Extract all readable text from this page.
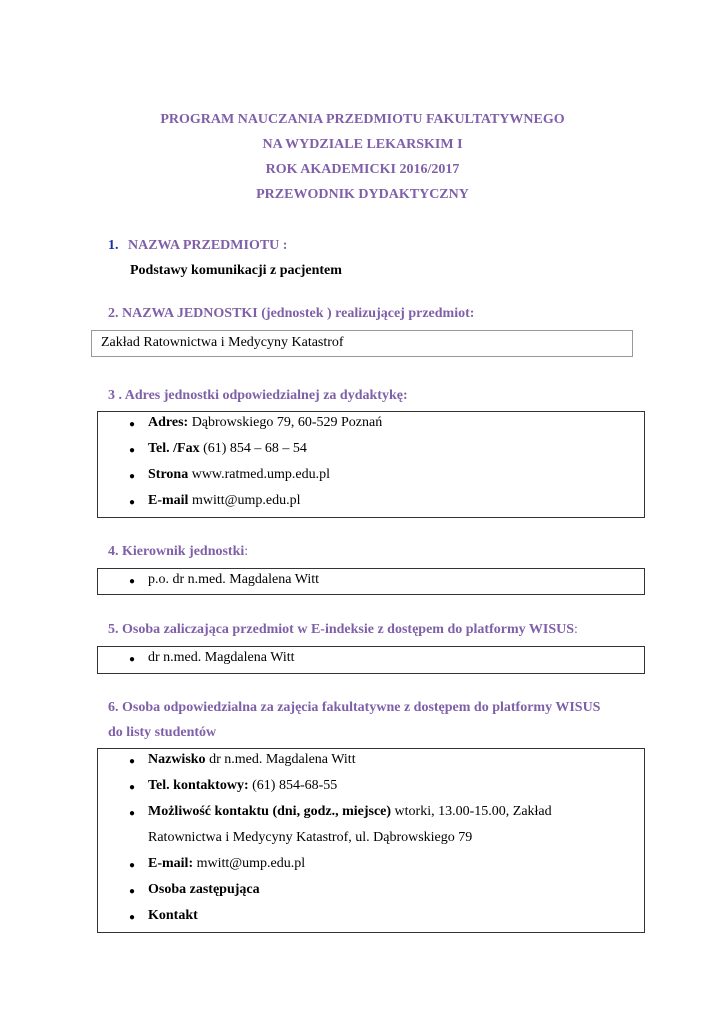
PROGRAM NAUCZANIA PRZEDMIOTU FAKULTATYWNEGO
NA WYDZIALE LEKARSKIM I
ROK AKADEMICKI 2016/2017
PRZEWODNIK DYDAKTYCZNY
1. NAZWA PRZEDMIOTU :
Podstawy komunikacji z pacjentem
2. NAZWA JEDNOSTKI (jednostek ) realizującej przedmiot:
Zakład Ratownictwa i Medycyny Katastrof
3 . Adres jednostki odpowiedzialnej za dydaktykę:
● Adres: Dąbrowskiego 79, 60-529 Poznań
● Tel. /Fax (61) 854 – 68 – 54
● Strona www.ratmed.ump.edu.pl
● E-mail mwitt@ump.edu.pl
4. Kierownik jednostki:
● p.o. dr n.med. Magdalena Witt
5. Osoba zaliczająca przedmiot w E-indeksie z dostępem do platformy WISUS:
● dr n.med. Magdalena Witt
6. Osoba odpowiedzialna za zajęcia fakultatywne z dostępem do platformy WISUS
do listy studentów
● Nazwisko dr n.med. Magdalena Witt
● Tel. kontaktowy: (61) 854-68-55
● Możliwość kontaktu (dni, godz., miejsce) wtorki, 13.00-15.00, Zakład
Ratownictwa i Medycyny Katastrof, ul. Dąbrowskiego 79
● E-mail: mwitt@ump.edu.pl
● Osoba zastępująca
● Kontakt
